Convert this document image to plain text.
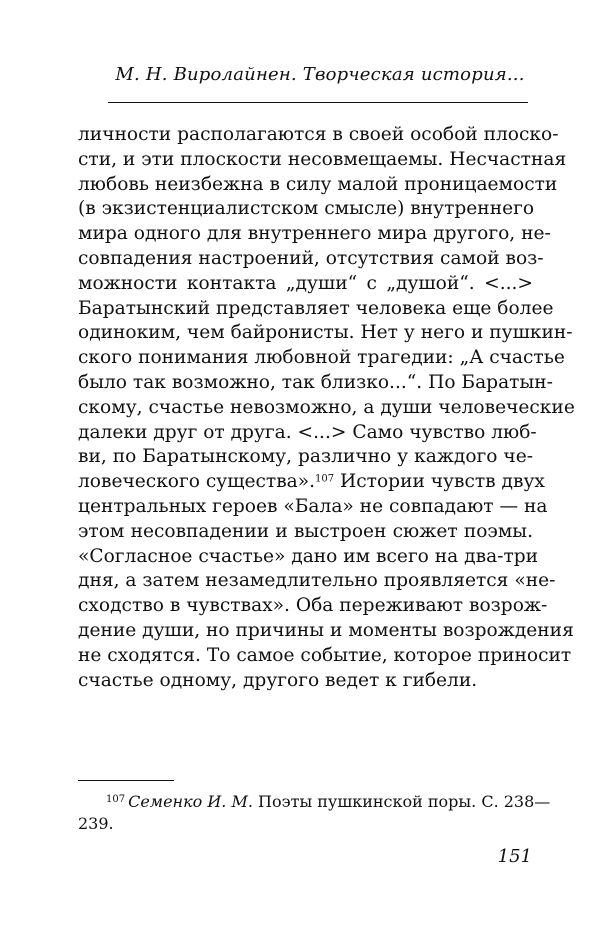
М. Н. Виролайнен. Творческая история...
личности располагаются в своей особой плоско-
сти, и эти плоскости несовмещаемы. Несчастная
любовь неизбежна в силу малой проницаемости
(в экзистенциалистском смысле) внутреннего
мира одного для внутреннего мира другого, не-
совпадения настроений, отсутствия самой воз-
можности контакта „души“ с „душой“. <...>
Баратынский представляет человека еще более
одиноким, чем байронисты. Нет у него и пушкин-
ского понимания любовной трагедии: „А счастье
было так возможно, так близко...“. По Баратын-
скому, счастье невозможно, а души человеческие
далеки друг от друга. <...> Само чувство люб-
ви, по Баратынскому, различно у каждого че-
ловеческого существа».$^{107}$ Истории чувств двух
центральных героев «Бала» не совпадают — на
этом несовпадении и выстроен сюжет поэмы.
«Согласное счастье» дано им всего на два-три
дня, а затем незамедлительно проявляется «не-
сходство в чувствах». Оба переживают возрож-
дение души, но причины и моменты возрождения
не сходятся. То самое событие, которое приносит
счастье одному, другого ведет к гибели.
$^{107}$ Семенко И. М. Поэты пушкинской поры. С. 238—
239.
151
